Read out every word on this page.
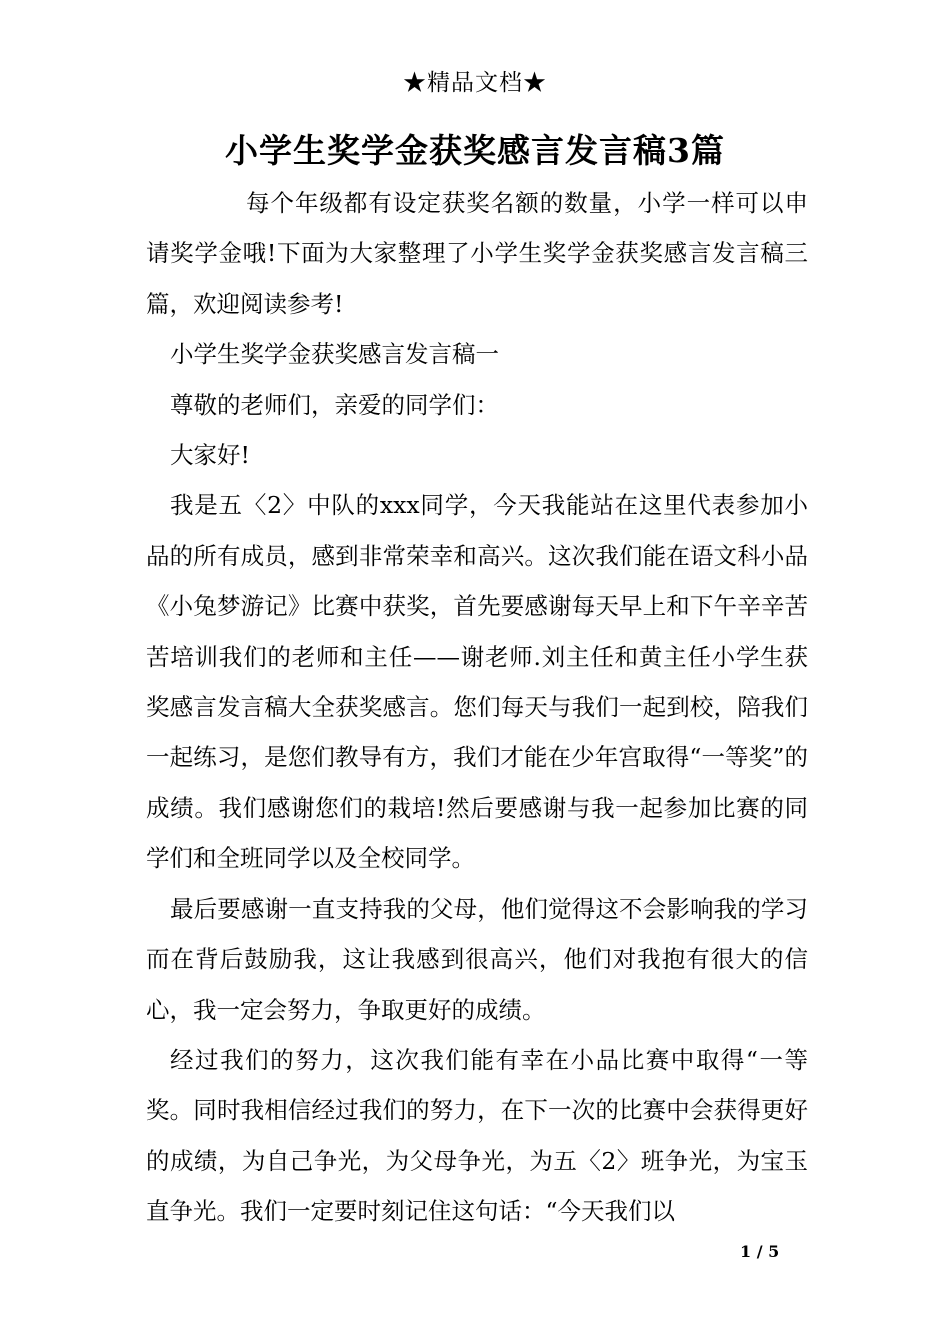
★精品文档★
小学生奖学金获奖感言发言稿3篇

每个年级都有设定获奖名额的数量，小学一样可以申请奖学金哦!下面为大家整理了小学生奖学金获奖感言发言稿三篇，欢迎阅读参考!

小学生奖学金获奖感言发言稿一

尊敬的老师们，亲爱的同学们：

大家好!

我是五〈2〉中队的xxx同学，今天我能站在这里代表参加小品的所有成员，感到非常荣幸和高兴。这次我们能在语文科小品《小兔梦游记》比赛中获奖，首先要感谢每天早上和下午辛辛苦苦培训我们的老师和主任——谢老师.刘主任和黄主任小学生获奖感言发言稿大全获奖感言。您们每天与我们一起到校，陪我们一起练习，是您们教导有方，我们才能在少年宫取得“一等奖”的成绩。我们感谢您们的栽培!然后要感谢与我一起参加比赛的同学们和全班同学以及全校同学。

最后要感谢一直支持我的父母，他们觉得这不会影响我的学习而在背后鼓励我，这让我感到很高兴，他们对我抱有很大的信心，我一定会努力，争取更好的成绩。

经过我们的努力，这次我们能有幸在小品比赛中取得“一等奖。同时我相信经过我们的努力，在下一次的比赛中会获得更好的成绩，为自己争光，为父母争光，为五〈2〉班争光，为宝玉直争光。我们一定要时刻记住这句话：“今天我们以

1 / 5
